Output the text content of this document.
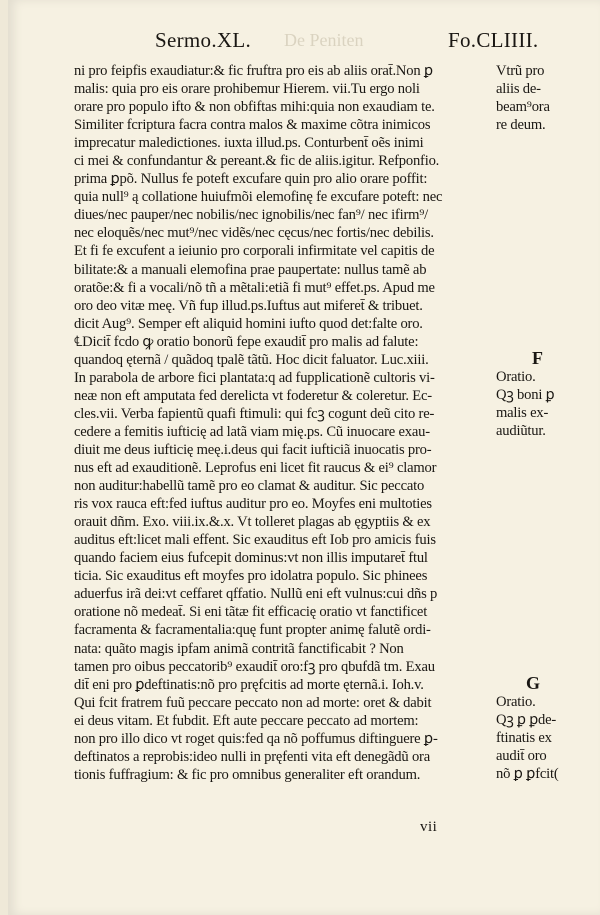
De Peniten
Sermo.XL.	Fo.CLIIII.
ni pro feipfis exaudiatur:& fic fruftra pro eis ab aliis orat̄.Non ꝑ
malis: quia pro eis orare prohibemur Hierem. vii.Tu ergo noli
orare pro populo ifto & non obfiftas mihi:quia non exaudiam te.
Similiter fcriptura facra contra malos & maxime cõtra inimicos
imprecatur maledictiones. iuxta illud.ps. Conturbent̄ oẽs inimi
ci mei & confundantur & pereant.& fic de aliis.igitur. Refponfio.
prima ꝑpõ. Nullus fe poteft excufare quin pro alio orare poffit:
quia null⁹ ą collatione huiufmõi elemofinę fe excufare poteft: nec
diues/nec pauper/nec nobilis/nec ignobilis/nec fan⁹/ nec ifirm⁹/
nec eloquẽs/nec mut⁹/nec vidẽs/nec cęcus/nec fortis/nec debilis.
Et fi fe excufent a ieiunio pro corporali infirmitate vel capitis de
bilitate:& a manuali elemofina prae paupertate: nullus tamẽ ab
oratõe:& fi a vocali/nõ tñ a mẽtali:etiã fi mut⁹ effet.ps. Apud me
oro deo vitæ meę. Vñ fup illud.ps.Iuftus aut miferet̄ & tribuet.
dicit Aug⁹. Semper eft aliquid homini iufto quod det:falte oro.
℄Dicit̄ fcdo ꝙ oratio bonorũ fepe exaudit̄ pro malis ad falute:
quandoq ęternã / quãdoq tpalẽ tãtũ. Hoc dicit faluator. Luc.xiii.
In parabola de arbore fici plantata:q ad fupplicationẽ cultoris vi-
neæ non eft amputata fed derelicta vt foderetur & coleretur. Ec-
cles.vii. Verba fapientũ quafi ftimuli: qui fcꝫ cogunt deũ cito re-
cedere a femitis iufticię ad latã viam mię.ps. Cũ inuocare exau-
diuit me deus iufticię meę.i.deus qui facit iufticiã inuocatis pro-
nus eft ad exauditionẽ. Leprofus eni licet fit raucus & ei⁹ clamor
non auditur:habellũ tamẽ pro eo clamat & auditur. Sic peccato
ris vox rauca eft:fed iuftus auditur pro eo. Moyfes eni multoties
orauit dñm. Exo. viii.ix.&.x. Vt tolleret plagas ab ęgyptiis & ex
auditus eft:licet mali effent. Sic exauditus eft Iob pro amicis fuis
quando faciem eius fufcepit dominus:vt non illis imputaret̄ ftul
ticia. Sic exauditus eft moyfes pro idolatra populo. Sic phinees
aduerfus irã dei:vt ceffaret qffatio. Nullũ eni eft vulnus:cui dñs p
oratione nõ medeat̄. Si eni tãtæ fit efficacię oratio vt fanctificet
facramenta & facramentalia:quę funt propter animę falutẽ ordi-
nata: quãto magis ipfam animã contritã fanctificabit ? Non
tamen pro oibus peccatorib⁹ exaudit̄ oro:fꝫ pro qbufdã tm. Exau
dit̄ eni pro ꝑdeftinatis:nõ pro pręfcitis ad morte ęternã.i. Ioh.v.
Qui fcit fratrem fuũ peccare peccato non ad morte: oret & dabit
ei deus vitam. Et fubdit. Eft aute peccare peccato ad mortem:
non pro illo dico vt roget quis:fed qa nõ poffumus diftinguere ꝑ-
deftinatos a reprobis:ideo nulli in pręfenti vita eft denegãdũ ora
tionis fuffragium: & fic pro omnibus generaliter eft orandum.
Vtrũ pro
aliis de-
beam⁹ora
re deum.
F
Oratio.
Qꝫ boni ꝑ
malis ex-
audiũtur.
G
Oratio.
Qꝫ ꝑ ꝑde-
ftinatis ex
audit̄ oro
nõ ꝑ ꝑfcit(
vii
